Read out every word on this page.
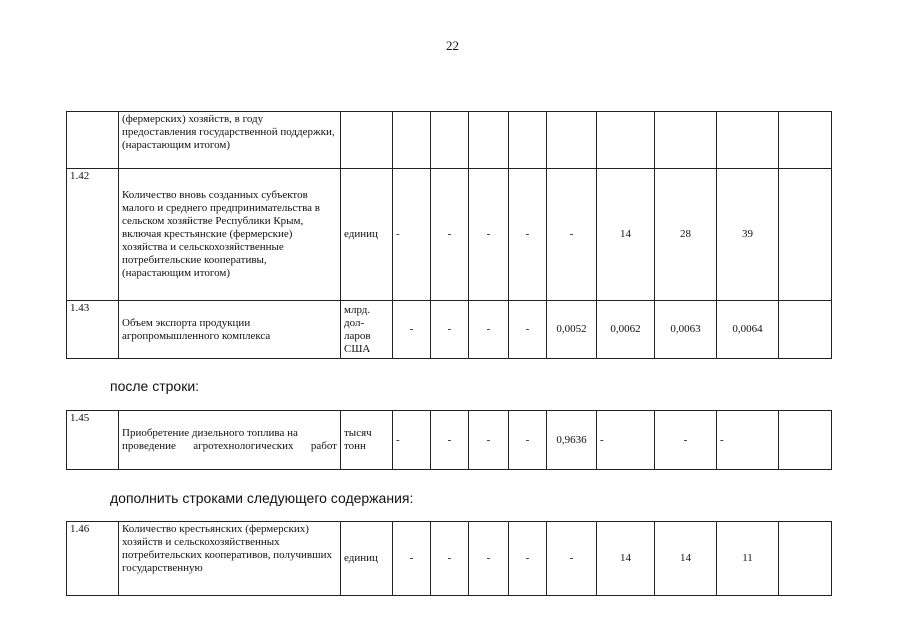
22
	(фермерских) хозяйств, в году предоставления государственной поддержки, (нарастающим итогом)										
1.42	Количество вновь созданных субъектов малого и среднего предпринимательства в сельском хозяйстве Республики Крым, включая крестьянские (фермерские) хозяйства и сельскохозяйственные потребительские кооперативы, (нарастающим итогом)	единиц	-	-	-	-	-	14	28	39	
1.43	Объем экспорта продукции агропромышленного комплекса	млрд. дол-ларов США	-	-	-	-	0,0052	0,0062	0,0063	0,0064	
после строки:
1.45	Приобретение дизельного топлива на проведение агротехнологических работ	тысяч тонн	-	-	-	-	0,9636	-	-	-	
дополнить строками следующего содержания:
1.46	Количество крестьянских (фермерских) хозяйств и сельскохозяйственных потребительских кооперативов, получивших государственную	единиц	-	-	-	-	-	14	14	11	
